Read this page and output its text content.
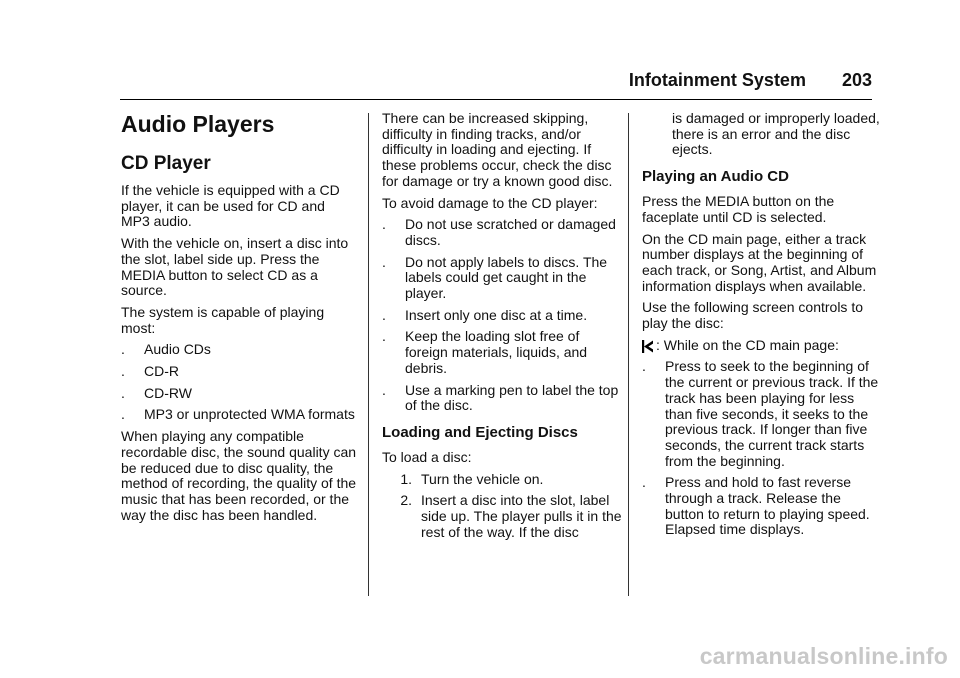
Infotainment System 203
Audio Players
CD Player

If the vehicle is equipped with a CD player, it can be used for CD and MP3 audio.

With the vehicle on, insert a disc into the slot, label side up. Press the MEDIA button to select CD as a source.

The system is capable of playing most:

.	Audio CDs
.	CD-R
.	CD-RW
.	MP3 or unprotected WMA formats

When playing any compatible recordable disc, the sound quality can be reduced due to disc quality, the method of recording, the quality of the music that has been recorded, or the way the disc has been handled.

There can be increased skipping, difficulty in finding tracks, and/or difficulty in loading and ejecting. If these problems occur, check the disc for damage or try a known good disc.

To avoid damage to the CD player:

.	Do not use scratched or damaged discs.
.	Do not apply labels to discs. The labels could get caught in the player.
.	Insert only one disc at a time.
.	Keep the loading slot free of foreign materials, liquids, and debris.
.	Use a marking pen to label the top of the disc.
Loading and Ejecting Discs

To load a disc:

1. Turn the vehicle on.
2. Insert a disc into the slot, label side up. The player pulls it in the rest of the way. If the disc

is damaged or improperly loaded, there is an error and the disc ejects.

Playing an Audio CD

Press the MEDIA button on the faceplate until CD is selected.

On the CD main page, either a track number displays at the beginning of each track, or Song, Artist, and Album information displays when available.

Use the following screen controls to play the disc:

: While on the CD main page:
.	Press to seek to the beginning of the current or previous track. If the track has been playing for less than five seconds, it seeks to the previous track. If longer than five seconds, the current track starts from the beginning.
.	Press and hold to fast reverse through a track. Release the button to return to playing speed. Elapsed time displays.
carmanualsonline.info
